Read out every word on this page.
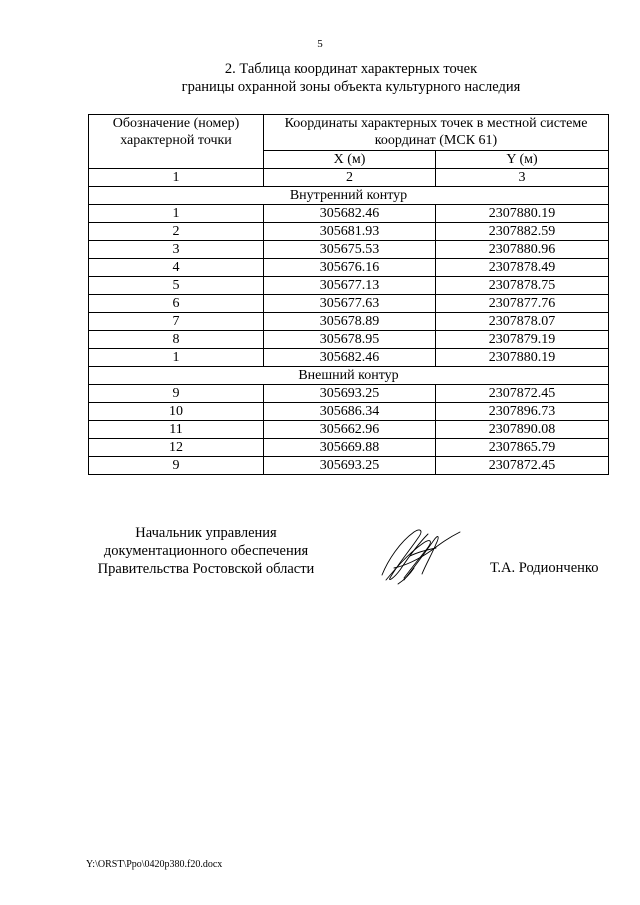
5
2. Таблица координат характерных точек
границы охранной зоны объекта культурного наследия
Обозначение (номер) характерной точки	Координаты характерных точек в местной системе координат (МСК 61)	
	X (м)	Y (м)
1	2	3
Внутренний контур		
1	305682.46	2307880.19
2	305681.93	2307882.59
3	305675.53	2307880.96
4	305676.16	2307878.49
5	305677.13	2307878.75
6	305677.63	2307877.76
7	305678.89	2307878.07
8	305678.95	2307879.19
1	305682.46	2307880.19
Внешний контур		
9	305693.25	2307872.45
10	305686.34	2307896.73
11	305662.96	2307890.08
12	305669.88	2307865.79
9	305693.25	2307872.45
Начальник управления
документационного обеспечения
Правительства Ростовской области	Т.А. Родионченко
Y:\ORST\Ppo\0420p380.f20.docx
